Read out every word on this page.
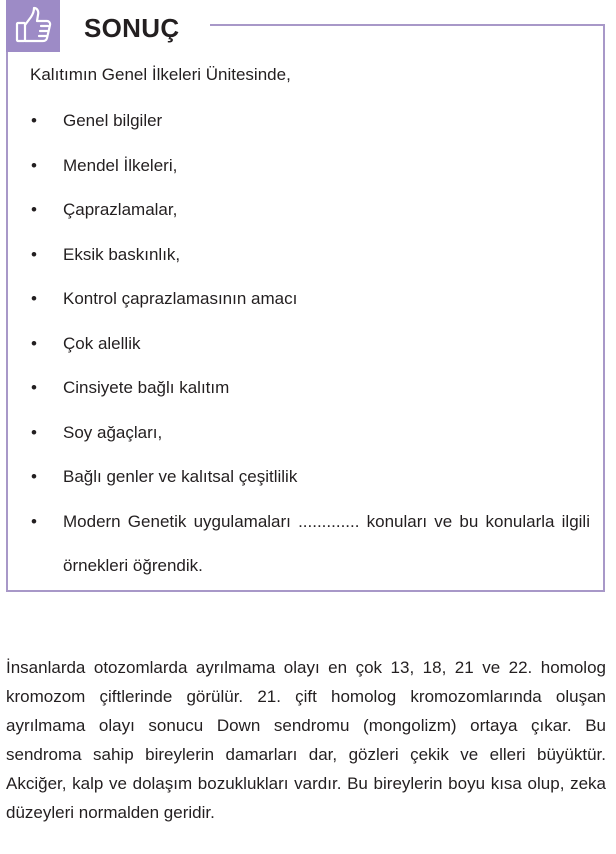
SONUÇ
Kalıtımın Genel İlkeleri Ünitesinde,
• Genel bilgiler
• Mendel İlkeleri,
• Çaprazlamalar,
• Eksik baskınlık,
• Kontrol çaprazlamasının amacı
• Çok alellik
• Cinsiyete bağlı kalıtım
• Soy ağaçları,
• Bağlı genler ve kalıtsal çeşitlilik
• Modern Genetik uygulamaları ............. konuları ve bu konularla ilgili örnekleri öğrendik.

İnsanlarda otozomlarda ayrılmama olayı en çok 13, 18, 21 ve 22. homolog kromozom çiftlerinde görülür. 21. çift homolog kromozomlarında oluşan ayrılmama olayı sonucu Down sendromu (mongolizm) ortaya çıkar. Bu sendroma sahip bireylerin damarları dar, gözleri çekik ve elleri büyüktür. Akciğer, kalp ve dolaşım bozuklukları vardır. Bu bireylerin boyu kısa olup, zeka düzeyleri normalden geridir.
